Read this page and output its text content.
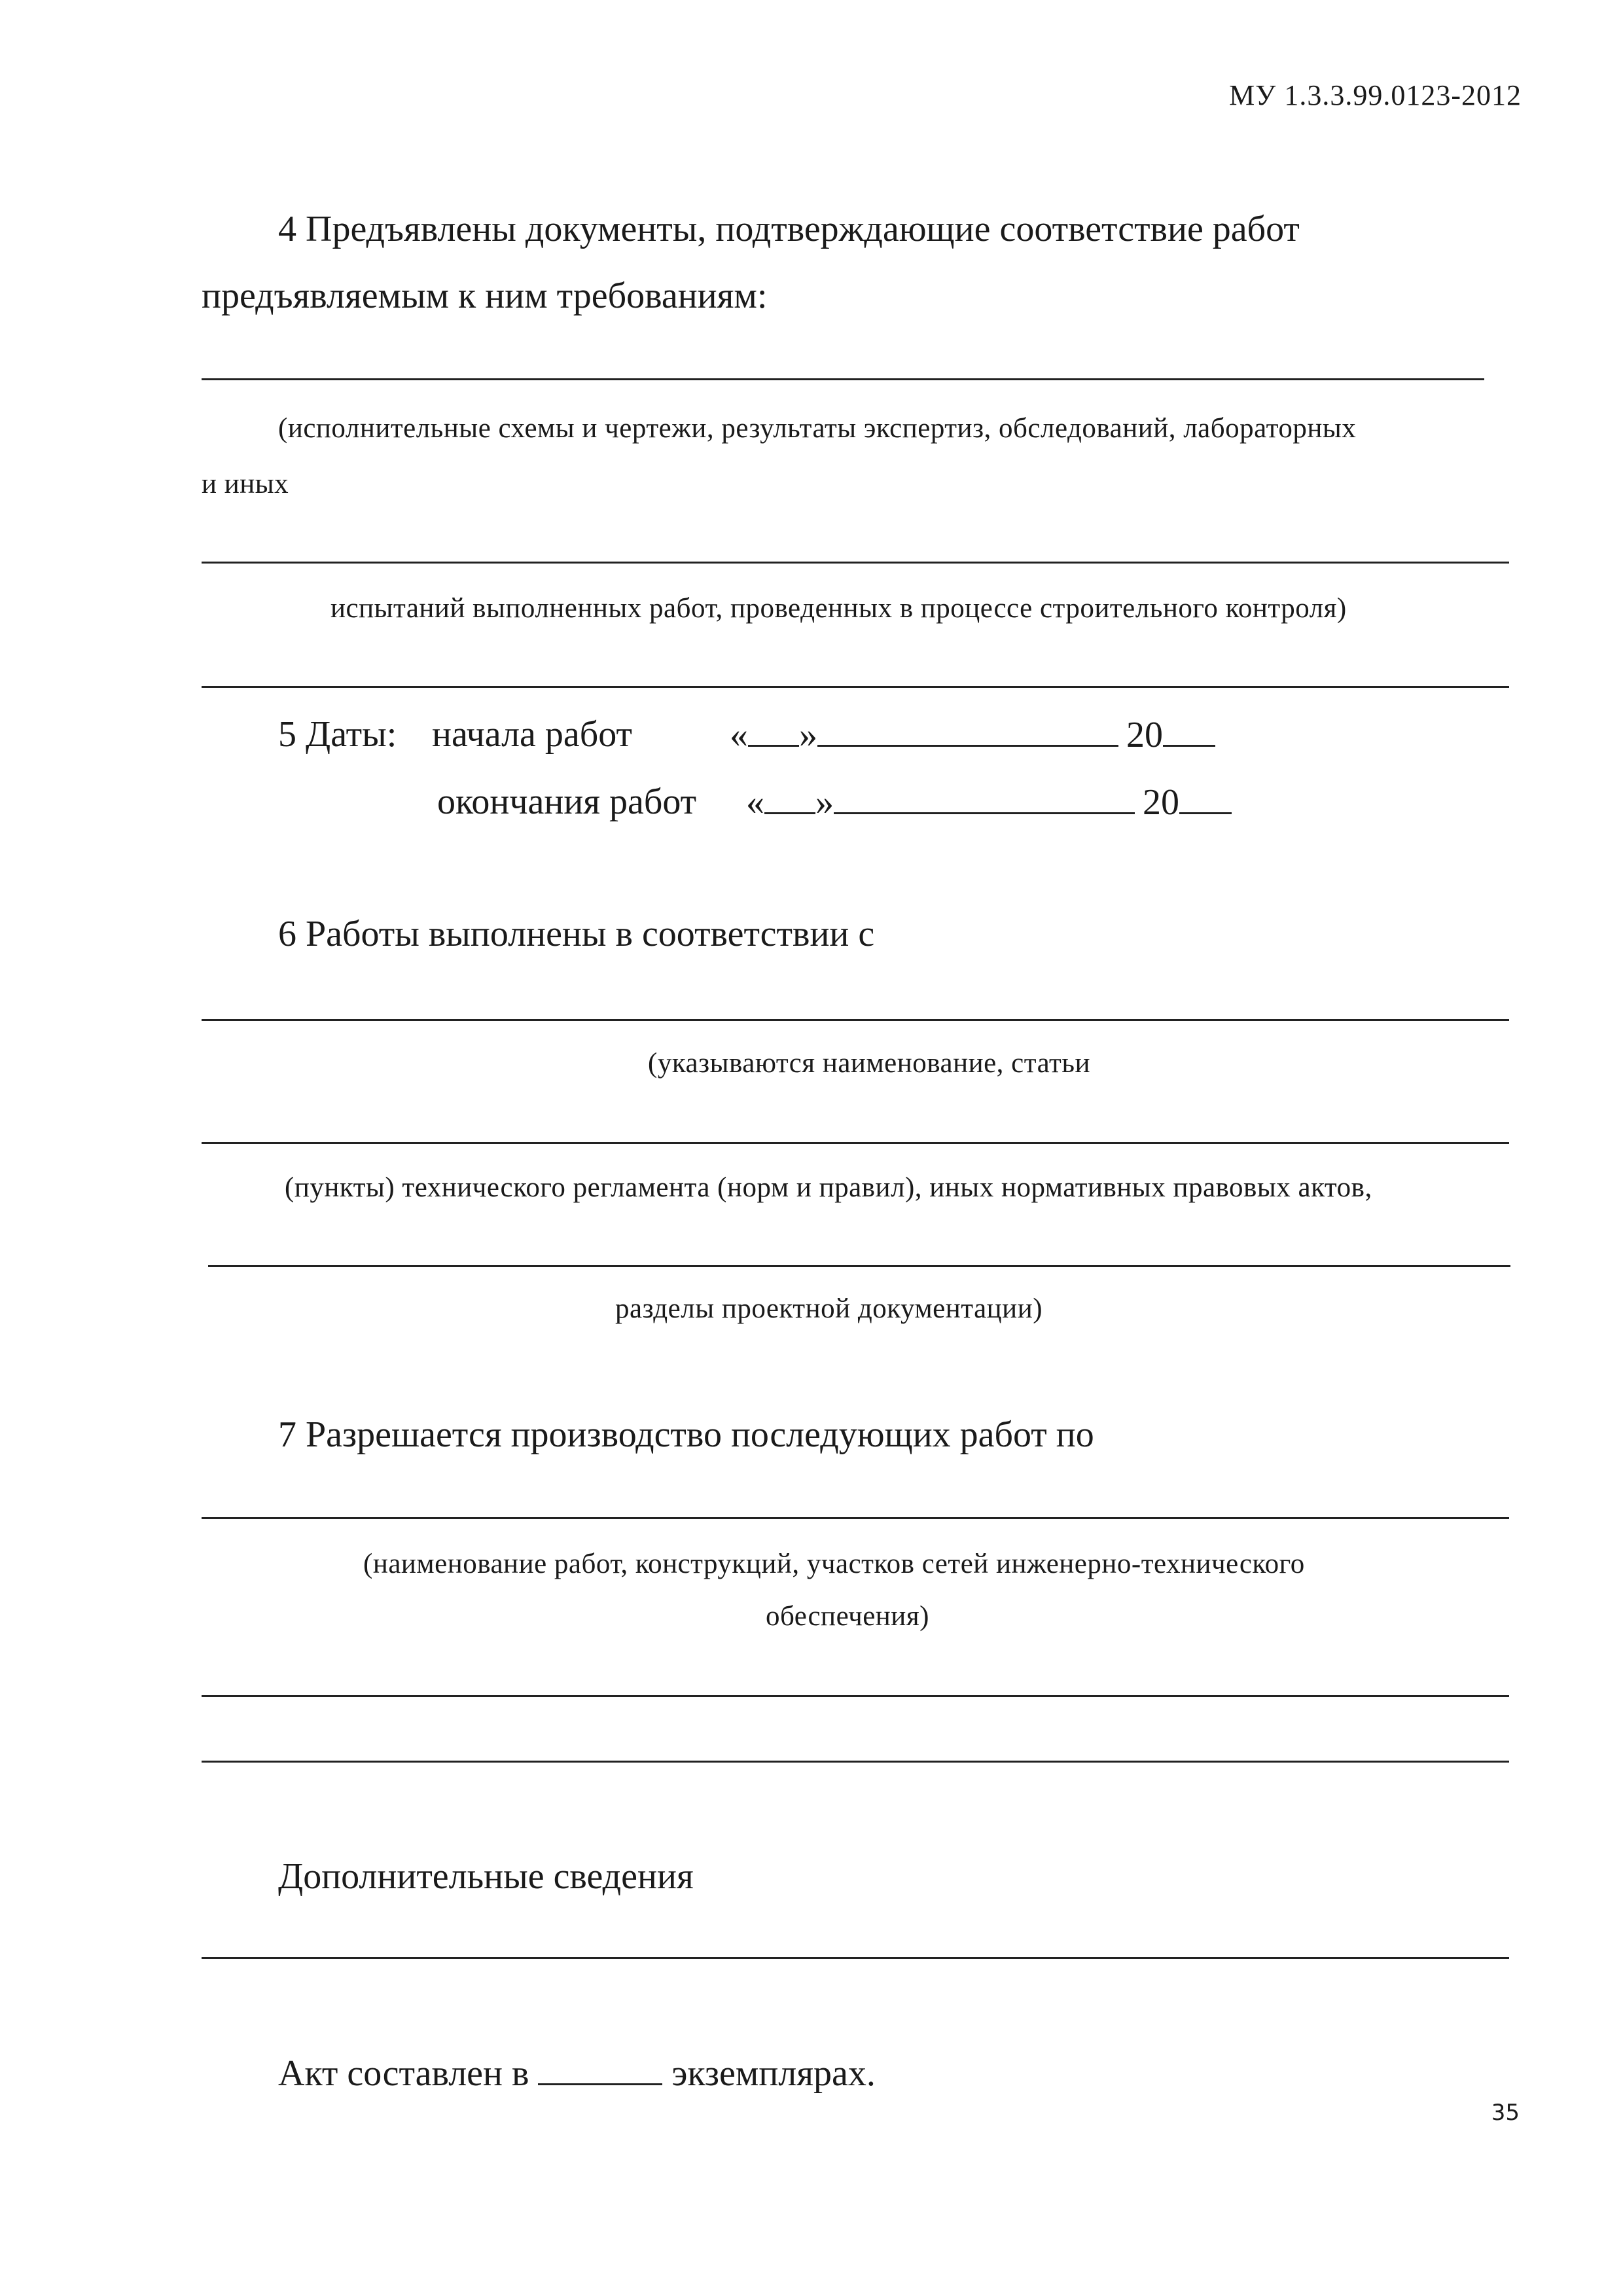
МУ 1.3.3.99.0123-2012
4 Предъявлены документы, подтверждающие соответствие работ
предъявляемым к ним требованиям:
(исполнительные схемы и чертежи, результаты экспертиз, обследований, лабораторных
и иных
испытаний выполненных работ, проведенных в процессе строительного контроля)
5 Даты: начала работ	« »	20
окончания работ « »	20
6 Работы выполнены в соответствии с
(указываются наименование, статьи
(пункты) технического регламента (норм и правил), иных нормативных правовых актов,
разделы проектной документации)
7 Разрешается производство последующих работ по
(наименование работ, конструкций, участков сетей инженерно-технического
обеспечения)
Дополнительные сведения
Акт составлен в	экземплярах.
35
